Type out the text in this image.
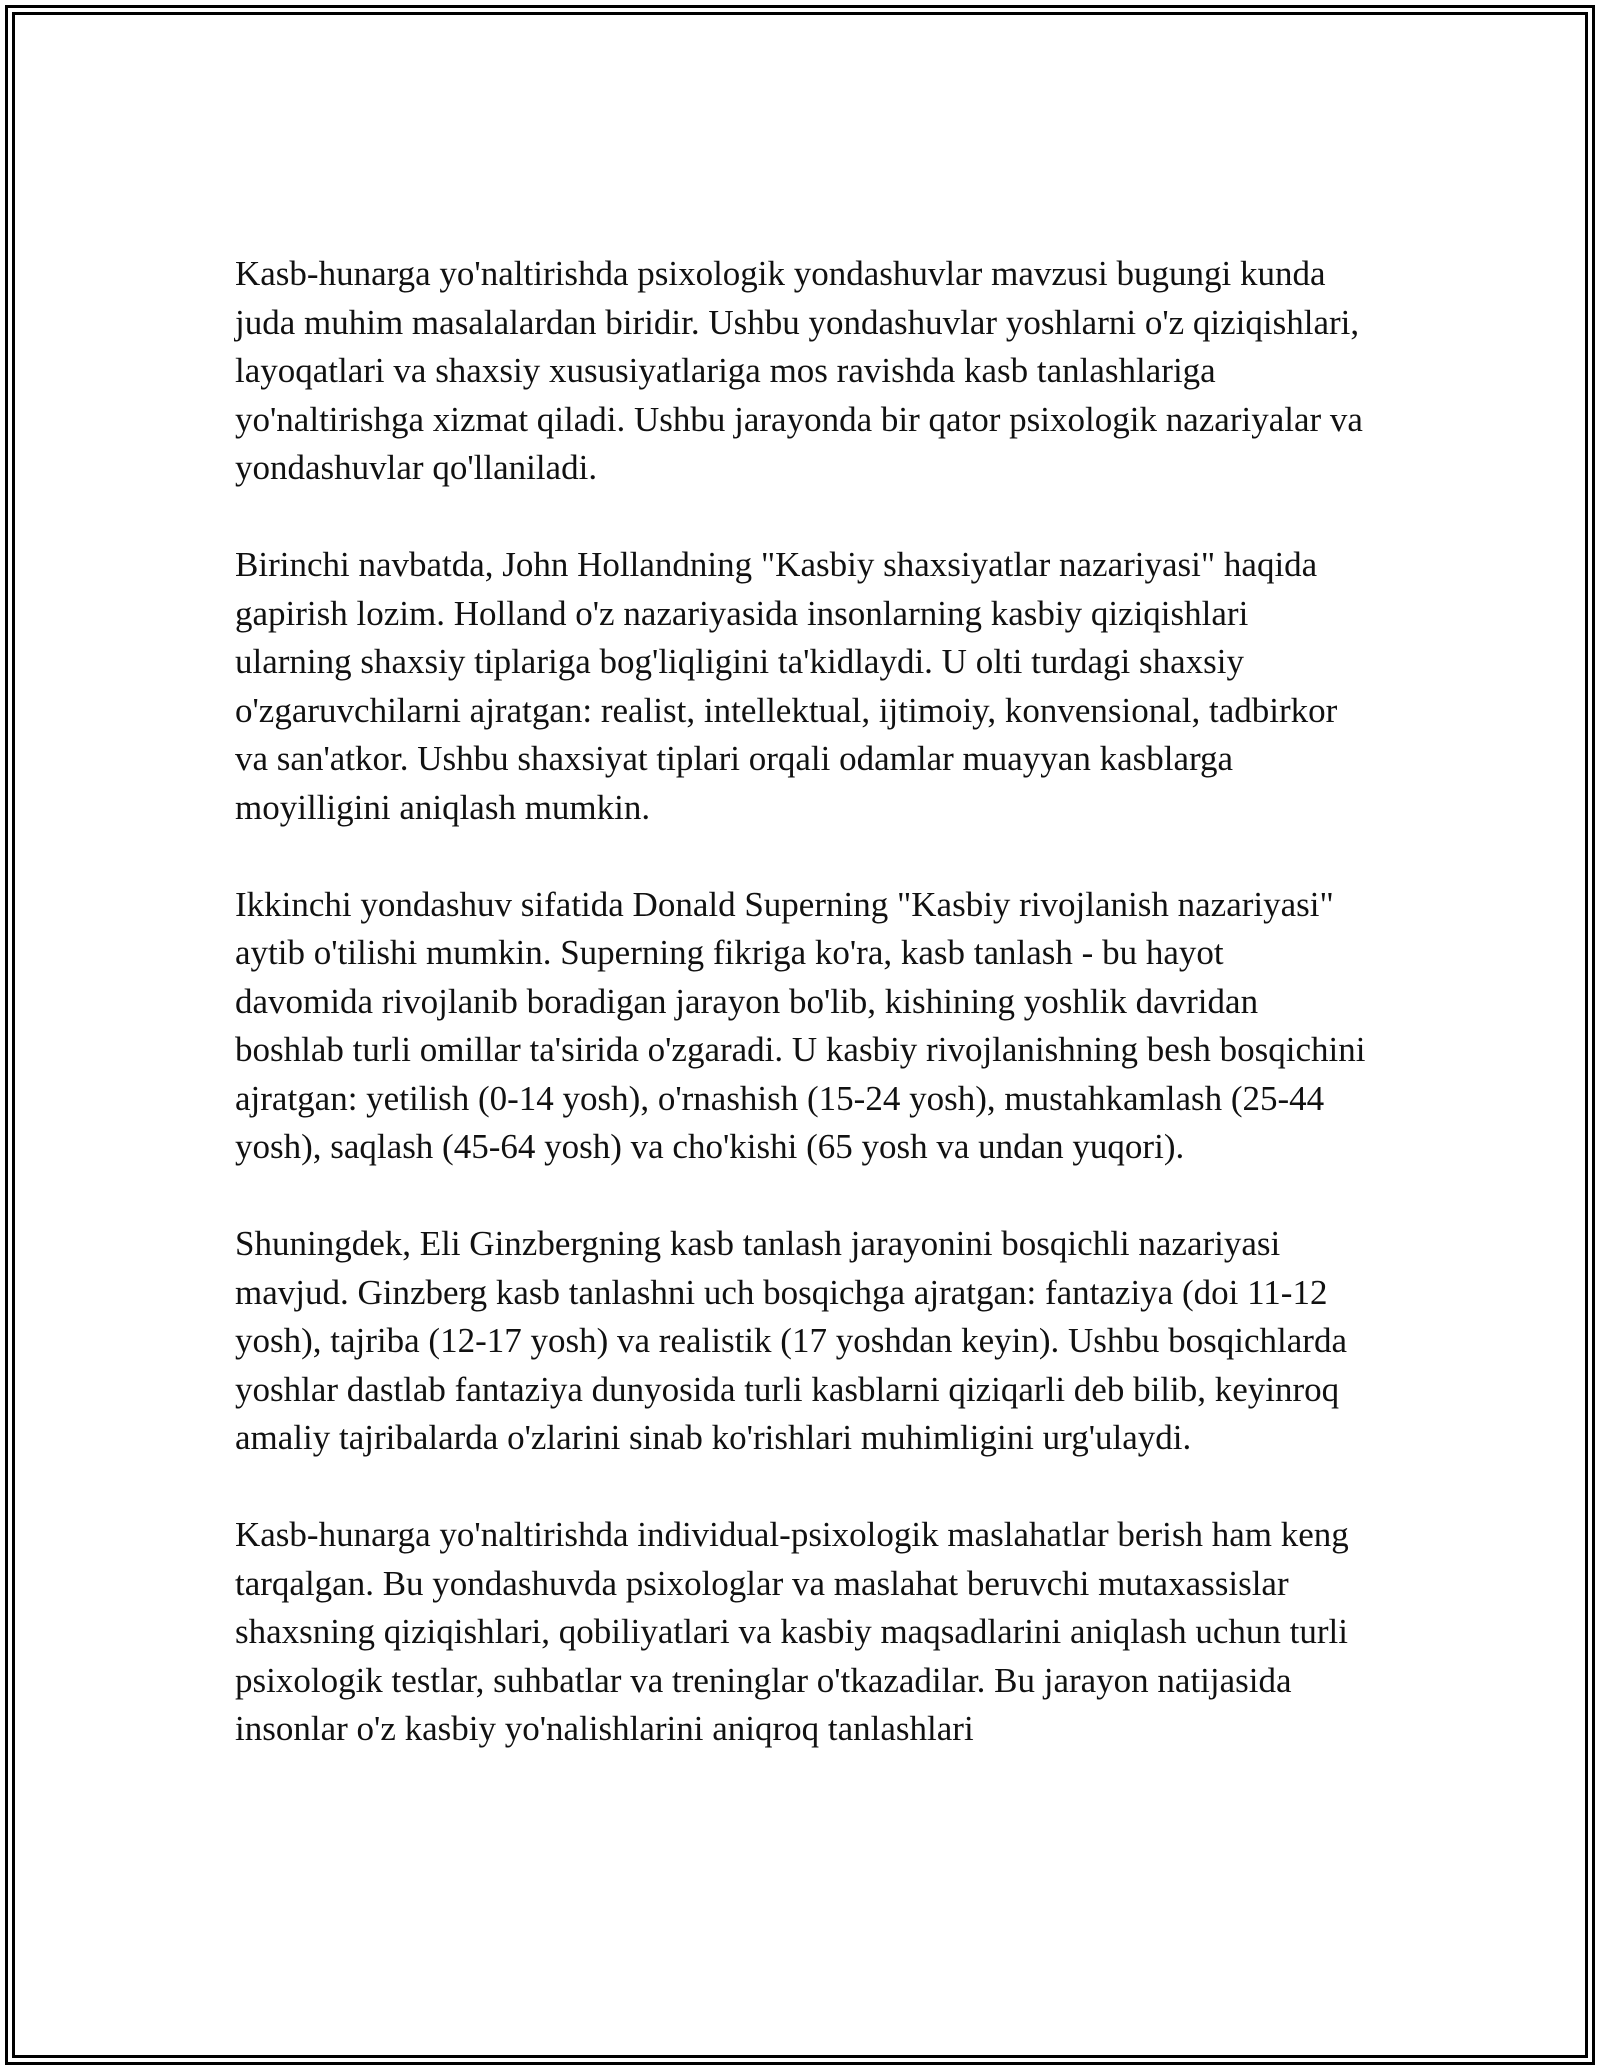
Kasb-hunarga yo'naltirishda psixologik yondashuvlar mavzusi bugungi kunda juda muhim masalalardan biridir. Ushbu yondashuvlar yoshlarni o'z qiziqishlari, layoqatlari va shaxsiy xususiyatlariga mos ravishda kasb tanlashlariga yo'naltirishga xizmat qiladi. Ushbu jarayonda bir qator psixologik nazariyalar va yondashuvlar qo'llaniladi.

Birinchi navbatda, John Hollandning "Kasbiy shaxsiyatlar nazariyasi" haqida gapirish lozim. Holland o'z nazariyasida insonlarning kasbiy qiziqishlari ularning shaxsiy tiplariga bog'liqligini ta'kidlaydi. U olti turdagi shaxsiy o'zgaruvchilarni ajratgan: realist, intellektual, ijtimoiy, konvensional, tadbirkor va san'atkor. Ushbu shaxsiyat tiplari orqali odamlar muayyan kasblarga moyilligini aniqlash mumkin.

Ikkinchi yondashuv sifatida Donald Superning "Kasbiy rivojlanish nazariyasi" aytib o'tilishi mumkin. Superning fikriga ko'ra, kasb tanlash - bu hayot davomida rivojlanib boradigan jarayon bo'lib, kishining yoshlik davridan boshlab turli omillar ta'sirida o'zgaradi. U kasbiy rivojlanishning besh bosqichini ajratgan: yetilish (0-14 yosh), o'rnashish (15-24 yosh), mustahkamlash (25-44 yosh), saqlash (45-64 yosh) va cho'kishi (65 yosh va undan yuqori).

Shuningdek, Eli Ginzbergning kasb tanlash jarayonini bosqichli nazariyasi mavjud. Ginzberg kasb tanlashni uch bosqichga ajratgan: fantaziya (doi 11-12 yosh), tajriba (12-17 yosh) va realistik (17 yoshdan keyin). Ushbu bosqichlarda yoshlar dastlab fantaziya dunyosida turli kasblarni qiziqarli deb bilib, keyinroq amaliy tajribalarda o'zlarini sinab ko'rishlari muhimligini urg'ulaydi.

Kasb-hunarga yo'naltirishda individual-psixologik maslahatlar berish ham keng tarqalgan. Bu yondashuvda psixologlar va maslahat beruvchi mutaxassislar shaxsning qiziqishlari, qobiliyatlari va kasbiy maqsadlarini aniqlash uchun turli psixologik testlar, suhbatlar va treninglar o'tkazadilar. Bu jarayon natijasida insonlar o'z kasbiy yo'nalishlarini aniqroq tanlashlari
